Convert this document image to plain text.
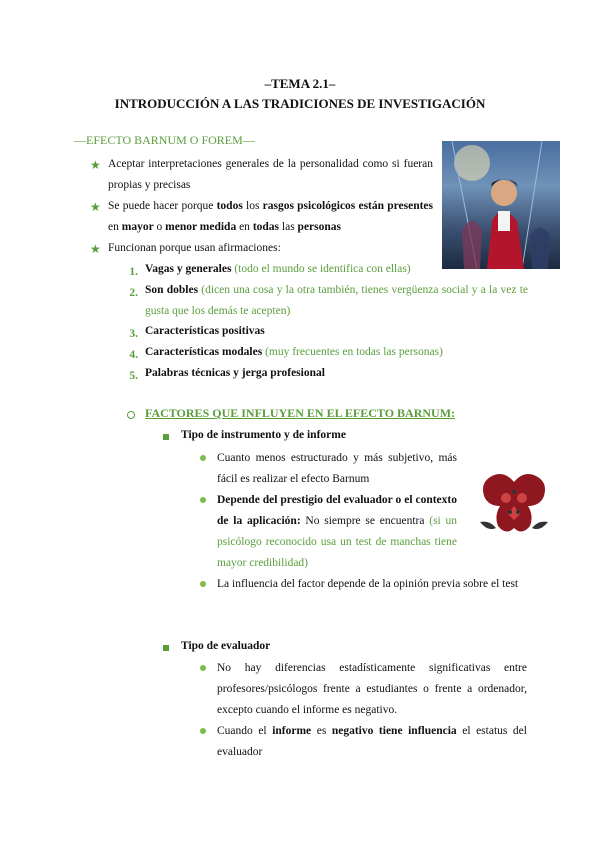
–TEMA 2.1–
INTRODUCCIÓN A LAS TRADICIONES DE INVESTIGACIÓN
—EFECTO BARNUM O FOREM—
★ Aceptar interpretaciones generales de la personalidad como si fueran propias y precisas
★ Se puede hacer porque todos los rasgos psicológicos están presentes en mayor o menor medida en todas las personas
★ Funcionan porque usan afirmaciones:
1. Vagas y generales (todo el mundo se identifica con ellas)
2. Son dobles (dicen una cosa y la otra también, tienes vergüenza social y a la vez te gusta que los demás te acepten)
3. Características positivas
4. Características modales (muy frecuentes en todas las personas)
5. Palabras técnicas y jerga profesional
FACTORES QUE INFLUYEN EN EL EFECTO BARNUM:
Tipo de instrumento y de informe
Cuanto menos estructurado y más subjetivo, más fácil es realizar el efecto Barnum
Depende del prestigio del evaluador o el contexto de la aplicación: No siempre se encuentra (si un psicólogo reconocido usa un test de manchas tiene mayor credibilidad)
La influencia del factor depende de la opinión previa sobre el test
Tipo de evaluador
No hay diferencias estadísticamente significativas entre profesores/psicólogos frente a estudiantes o frente a ordenador, excepto cuando el informe es negativo.
Cuando el informe es negativo tiene influencia el estatus del evaluador
